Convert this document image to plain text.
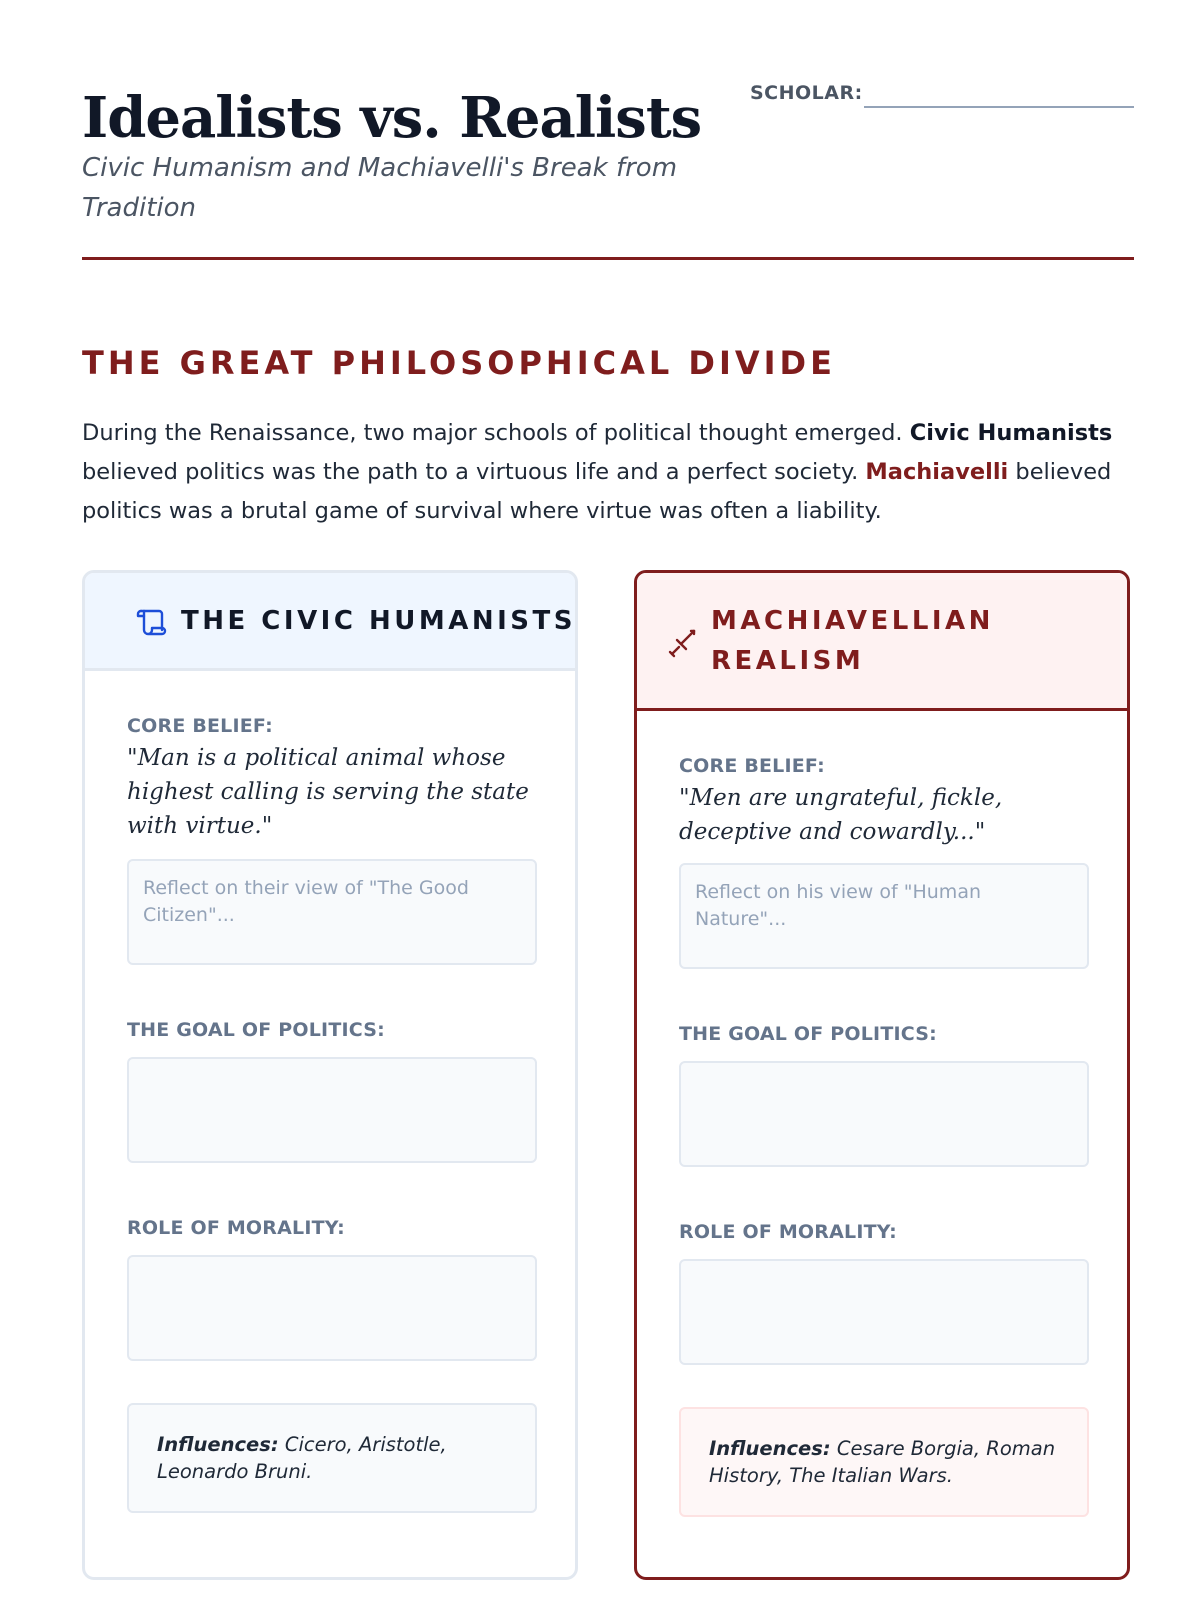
Idealists vs. Realists
Civic Humanism and Machiavelli's Break from Tradition
SCHOLAR:
THE GREAT PHILOSOPHICAL DIVIDE

During the Renaissance, two major schools of political thought emerged. Civic Humanists believed politics was the path to a virtuous life and a perfect society. Machiavelli believed politics was a brutal game of survival where virtue was often a liability.

THE CIVIC HUMANISTS
CORE BELIEF:
"Man is a political animal whose highest calling is serving the state with virtue."
Reflect on their view of "The Good Citizen"...
THE GOAL OF POLITICS:
ROLE OF MORALITY:
Influences: Cicero, Aristotle, Leonardo Bruni.
MACHIAVELLIAN REALISM
CORE BELIEF:
"Men are ungrateful, fickle, deceptive and cowardly..."
Reflect on his view of "Human Nature"...
THE GOAL OF POLITICS:
ROLE OF MORALITY:
Influences: Cesare Borgia, Roman History, The Italian Wars.
